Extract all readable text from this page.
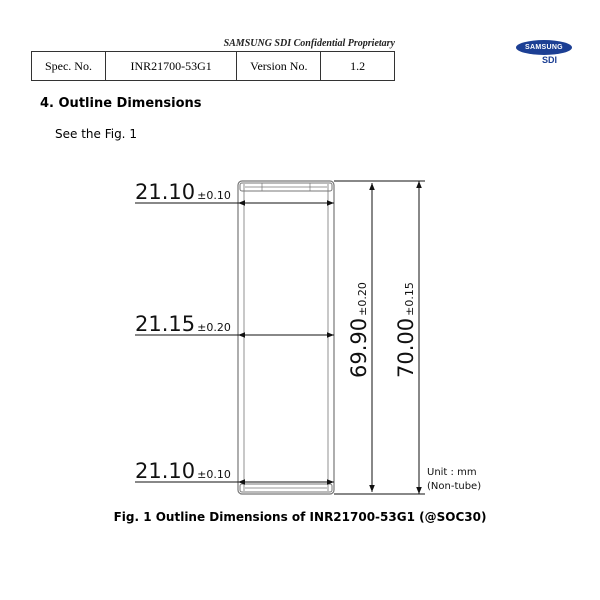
SAMSUNG SDI Confidential Proprietary	SAMSUNG
SDI
Spec. No.	INR21700-53G1	Version No.	1.2
4. Outline Dimensions
See the Fig. 1
21.10 ±0.10
21.15 ±0.20
21.10 ±0.10
69.90±0.20
70.00±0.15
Unit : mm
(Non-tube)
Fig. 1 Outline Dimensions of INR21700-53G1 (@SOC30)
